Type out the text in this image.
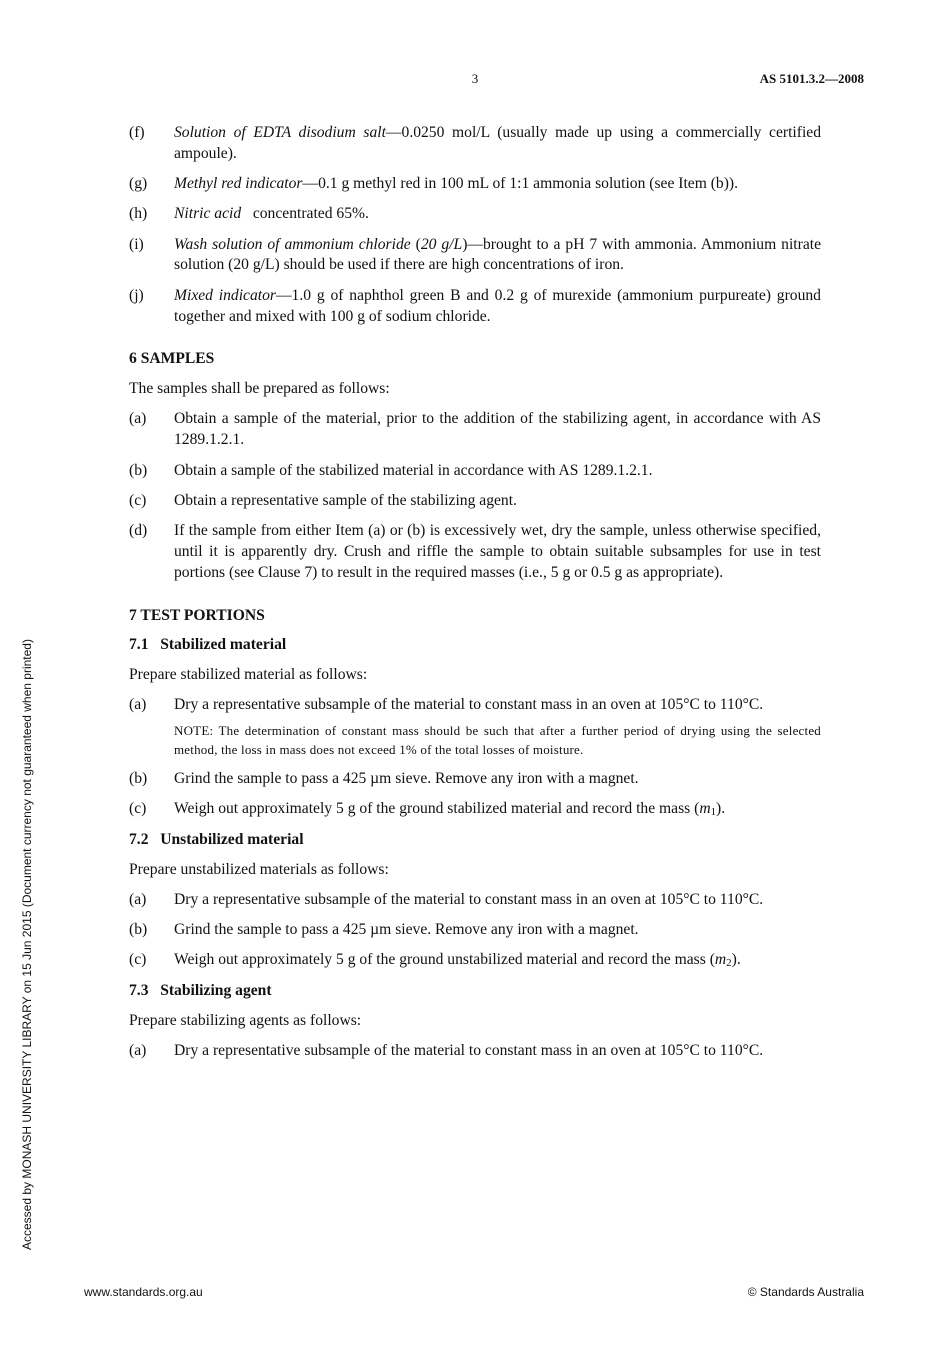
3	AS 5101.3.2—2008
Accessed by MONASH UNIVERSITY LIBRARY on 15 Jun 2015 (Document currency not guaranteed when printed)
(f)	Solution of EDTA disodium salt—0.0250 mol/L (usually made up using a commercially certified ampoule).
(g)	Methyl red indicator—0.1 g methyl red in 100 mL of 1:1 ammonia solution (see Item (b)).
(h)	Nitric acid concentrated 65%.
(i)	Wash solution of ammonium chloride (20 g/L)—brought to a pH 7 with ammonia. Ammonium nitrate solution (20 g/L) should be used if there are high concentrations of iron.
(j)	Mixed indicator—1.0 g of naphthol green B and 0.2 g of murexide (ammonium purpureate) ground together and mixed with 100 g of sodium chloride.
6 SAMPLES
The samples shall be prepared as follows:
(a)	Obtain a sample of the material, prior to the addition of the stabilizing agent, in accordance with AS 1289.1.2.1.
(b)	Obtain a sample of the stabilized material in accordance with AS 1289.1.2.1.
(c)	Obtain a representative sample of the stabilizing agent.
(d)	If the sample from either Item (a) or (b) is excessively wet, dry the sample, unless otherwise specified, until it is apparently dry. Crush and riffle the sample to obtain suitable subsamples for use in test portions (see Clause 7) to result in the required masses (i.e., 5 g or 0.5 g as appropriate).
7 TEST PORTIONS
7.1   Stabilized material
Prepare stabilized material as follows:
(a)	Dry a representative subsample of the material to constant mass in an oven at 105°C to 110°C.
NOTE: The determination of constant mass should be such that after a further period of drying using the selected method, the loss in mass does not exceed 1% of the total losses of moisture.
(b)	Grind the sample to pass a 425 µm sieve. Remove any iron with a magnet.
(c)	Weigh out approximately 5 g of the ground stabilized material and record the mass $(m_1)$.
7.2   Unstabilized material
Prepare unstabilized materials as follows:
(a)	Dry a representative subsample of the material to constant mass in an oven at 105°C to 110°C.
(b)	Grind the sample to pass a 425 µm sieve. Remove any iron with a magnet.
(c)	Weigh out approximately 5 g of the ground unstabilized material and record the mass $(m_2)$.
7.3   Stabilizing agent
Prepare stabilizing agents as follows:
(a)	Dry a representative subsample of the material to constant mass in an oven at 105°C to 110°C.
www.standards.org.au	© Standards Australia
